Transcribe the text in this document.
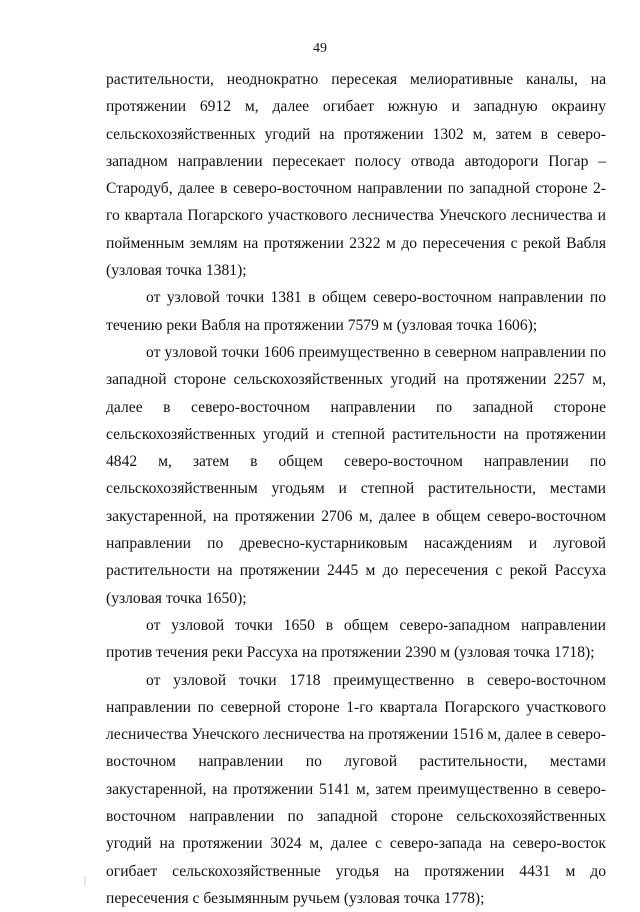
49

растительности, неоднократно пересекая мелиоративные каналы, на протяжении 6912 м, далее огибает южную и западную окраину сельскохозяйственных угодий на протяжении 1302 м, затем в северо-западном направлении пересекает полосу отвода автодороги Погар – Стародуб, далее в северо-восточном направлении по западной стороне 2-го квартала Погарского участкового лесничества Унечского лесничества и пойменным землям на протяжении 2322 м до пересечения с рекой Вабля (узловая точка 1381);

от узловой точки 1381 в общем северо-восточном направлении по течению реки Вабля на протяжении 7579 м (узловая точка 1606);

от узловой точки 1606 преимущественно в северном направлении по западной стороне сельскохозяйственных угодий на протяжении 2257 м, далее в северо-восточном направлении по западной стороне сельскохозяйственных угодий и степной растительности на протяжении 4842 м, затем в общем северо-восточном направлении по сельскохозяйственным угодьям и степной растительности, местами закустаренной, на протяжении 2706 м, далее в общем северо-восточном направлении по древесно-кустарниковым насаждениям и луговой растительности на протяжении 2445 м до пересечения с рекой Рассуха (узловая точка 1650);

от узловой точки 1650 в общем северо-западном направлении против течения реки Рассуха на протяжении 2390 м (узловая точка 1718);

от узловой точки 1718 преимущественно в северо-восточном направлении по северной стороне 1-го квартала Погарского участкового лесничества Унечского лесничества на протяжении 1516 м, далее в северо-восточном направлении по луговой растительности, местами закустаренной, на протяжении 5141 м, затем преимущественно в северо-восточном направлении по западной стороне сельскохозяйственных угодий на протяжении 3024 м, далее с северо-запада на северо-восток огибает сельскохозяйственные угодья на протяжении 4431 м до пересечения с безымянным ручьем (узловая точка 1778);
